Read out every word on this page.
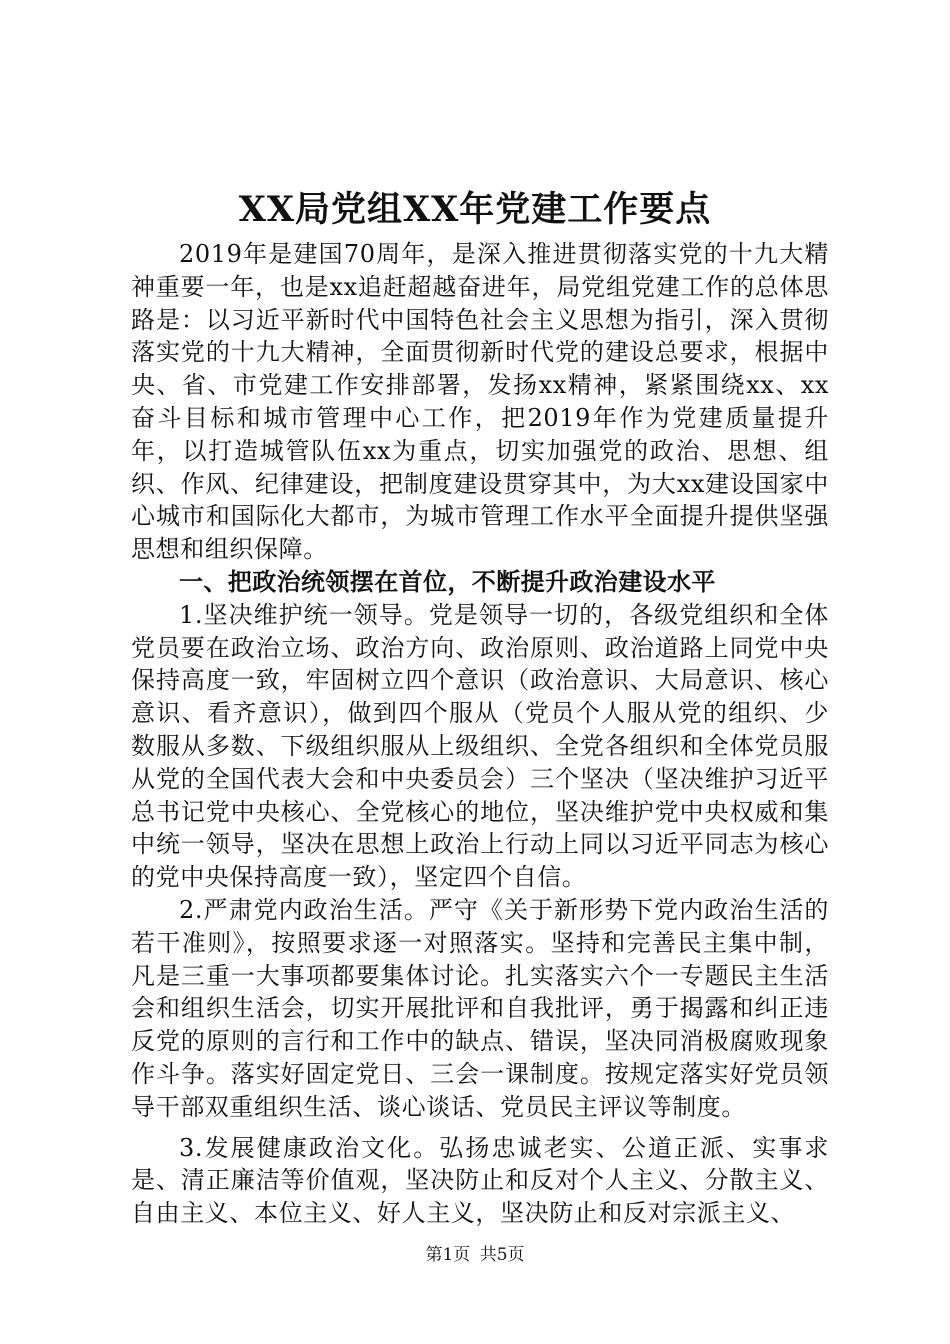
XX局党组XX年党建工作要点

2019年是建国70周年，是深入推进贯彻落实党的十九大精神重要一年，也是xx追赶超越奋进年，局党组党建工作的总体思路是：以习近平新时代中国特色社会主义思想为指引，深入贯彻落实党的十九大精神，全面贯彻新时代党的建设总要求，根据中央、省、市党建工作安排部署，发扬xx精神，紧紧围绕xx、xx奋斗目标和城市管理中心工作，把2019年作为党建质量提升年，以打造城管队伍xx为重点，切实加强党的政治、思想、组织、作风、纪律建设，把制度建设贯穿其中，为大xx建设国家中心城市和国际化大都市，为城市管理工作水平全面提升提供坚强思想和组织保障。

一、把政治统领摆在首位，不断提升政治建设水平

1.坚决维护统一领导。党是领导一切的，各级党组织和全体党员要在政治立场、政治方向、政治原则、政治道路上同党中央保持高度一致，牢固树立四个意识（政治意识、大局意识、核心意识、看齐意识），做到四个服从（党员个人服从党的组织、少数服从多数、下级组织服从上级组织、全党各组织和全体党员服从党的全国代表大会和中央委员会）三个坚决（坚决维护习近平总书记党中央核心、全党核心的地位，坚决维护党中央权威和集中统一领导，坚决在思想上政治上行动上同以习近平同志为核心的党中央保持高度一致），坚定四个自信。

2.严肃党内政治生活。严守《关于新形势下党内政治生活的若干准则》，按照要求逐一对照落实。坚持和完善民主集中制，凡是三重一大事项都要集体讨论。扎实落实六个一专题民主生活会和组织生活会，切实开展批评和自我批评，勇于揭露和纠正违反党的原则的言行和工作中的缺点、错误，坚决同消极腐败现象作斗争。落实好固定党日、三会一课制度。按规定落实好党员领导干部双重组织生活、谈心谈话、党员民主评议等制度。

3.发展健康政治文化。弘扬忠诚老实、公道正派、实事求是、清正廉洁等价值观，坚决防止和反对个人主义、分散主义、自由主义、本位主义、好人主义，坚决防止和反对宗派主义、

第1页 共5页
